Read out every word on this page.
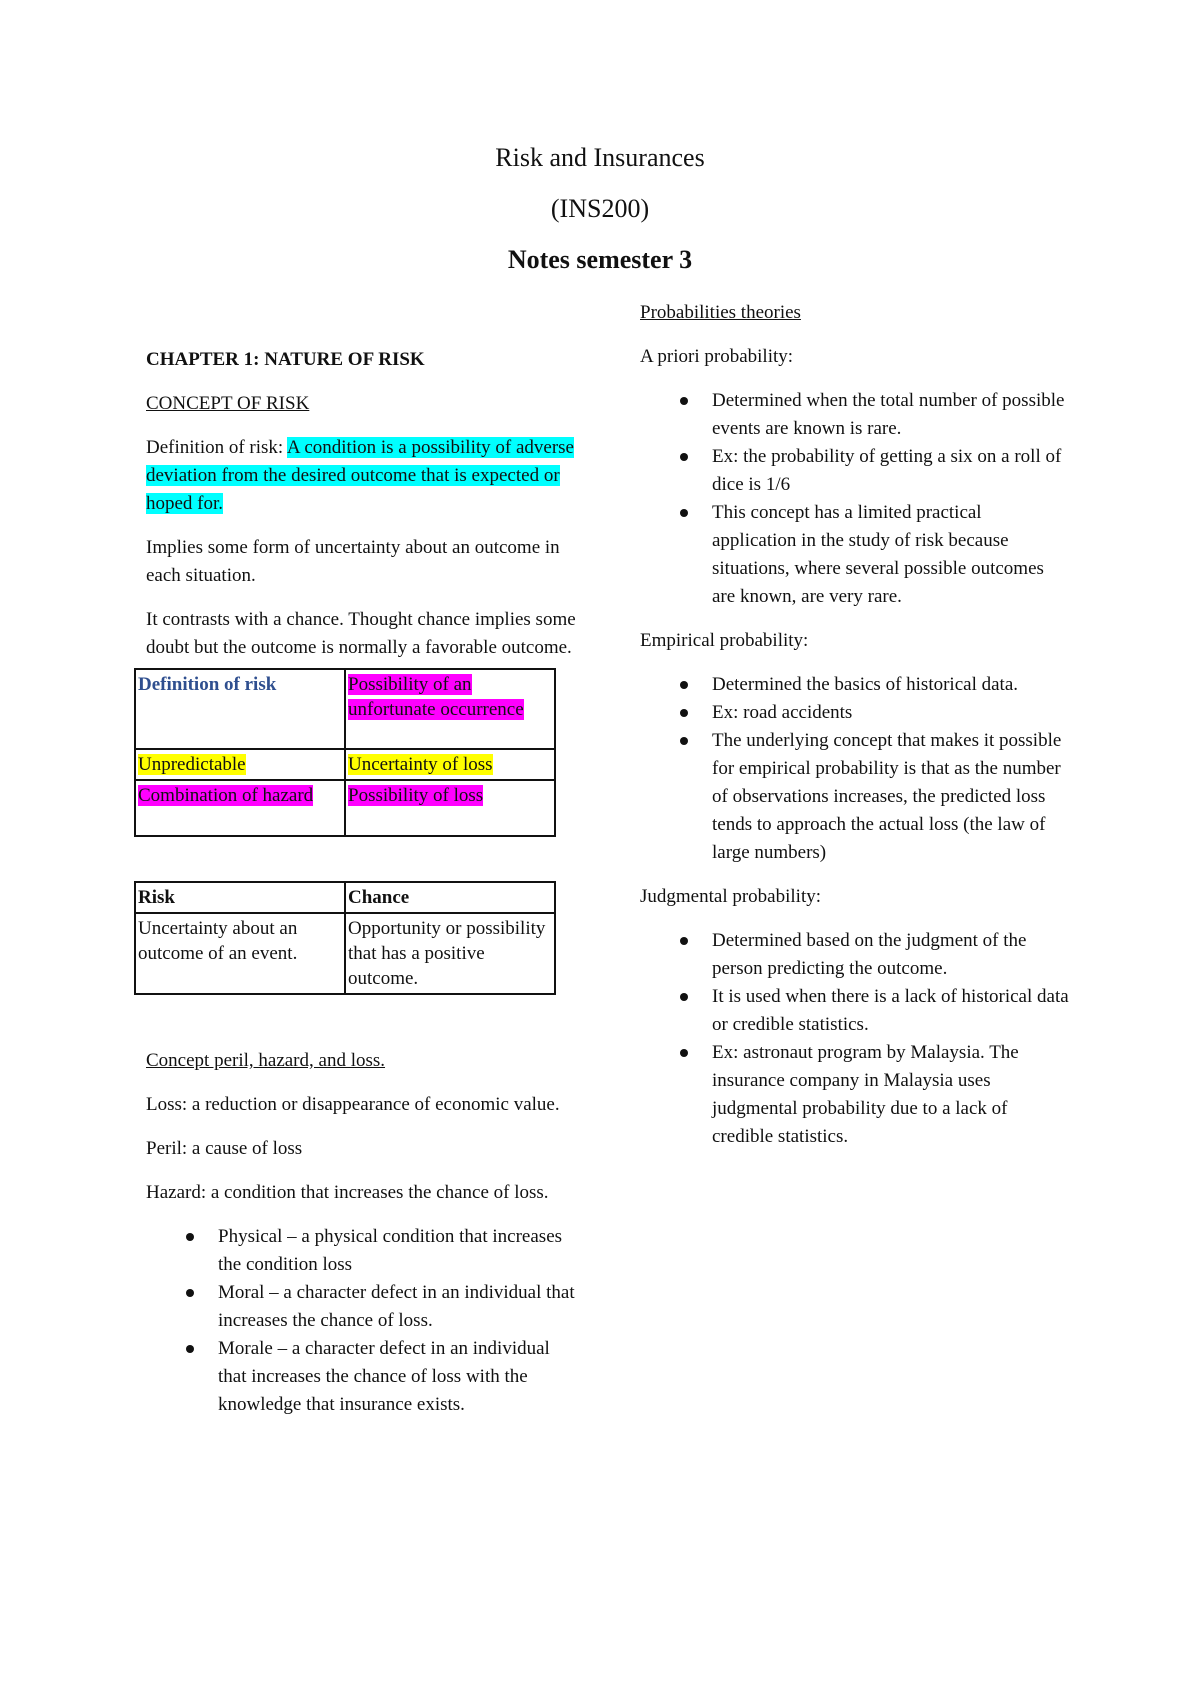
Risk and Insurances
(INS200)
Notes semester 3

CHAPTER 1: NATURE OF RISK

CONCEPT OF RISK

Definition of risk: A condition is a possibility of adverse deviation from the desired outcome that is expected or hoped for.

Implies some form of uncertainty about an outcome in each situation.

It contrasts with a chance. Thought chance implies some doubt but the outcome is normally a favorable outcome.

Definition of risk	Possibility of an unfortunate occurrence
Unpredictable	Uncertainty of loss
Combination of hazard	Possibility of loss
Risk	Chance
Uncertainty about an outcome of an event.	Opportunity or possibility that has a positive outcome.

Concept peril, hazard, and loss.

Loss: a reduction or disappearance of economic value.

Peril: a cause of loss

Hazard: a condition that increases the chance of loss.

Physical – a physical condition that increases the condition loss
Moral – a character defect in an individual that increases the chance of loss.
Morale – a character defect in an individual that increases the chance of loss with the knowledge that insurance exists.

Probabilities theories

A priori probability:

Determined when the total number of possible events are known is rare.
Ex: the probability of getting a six on a roll of dice is 1/6
This concept has a limited practical application in the study of risk because situations, where several possible outcomes are known, are very rare.

Empirical probability:

Determined the basics of historical data.
Ex: road accidents
The underlying concept that makes it possible for empirical probability is that as the number of observations increases, the predicted loss tends to approach the actual loss (the law of large numbers)

Judgmental probability:

Determined based on the judgment of the person predicting the outcome.
It is used when there is a lack of historical data or credible statistics.
Ex: astronaut program by Malaysia. The insurance company in Malaysia uses judgmental probability due to a lack of credible statistics.
